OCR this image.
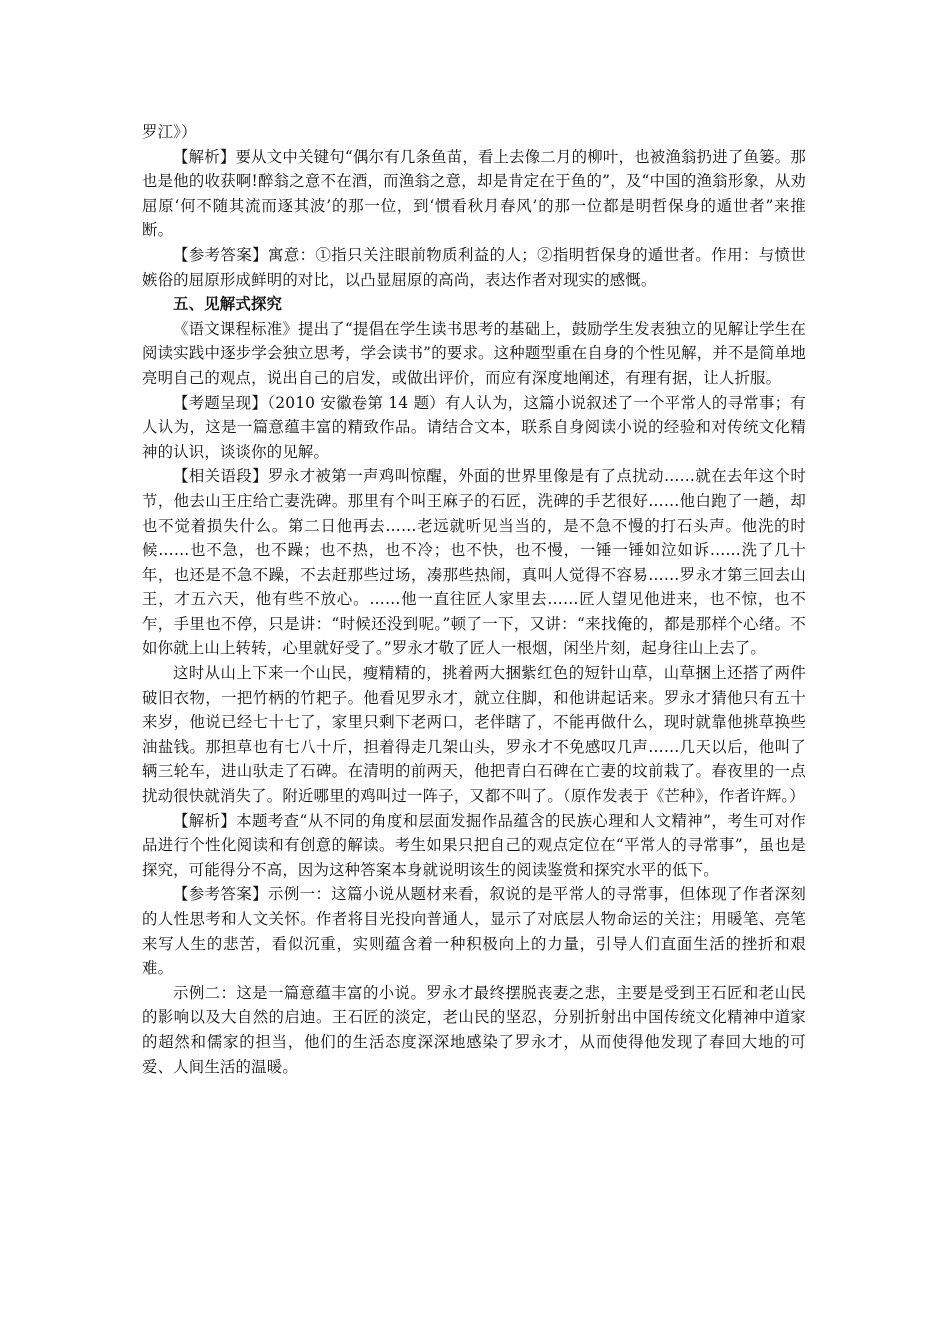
罗江》）

【解析】要从文中关键句“偶尔有几条鱼苗，看上去像二月的柳叶，也被渔翁扔进了鱼篓。那也是他的收获啊!醉翁之意不在酒，而渔翁之意，却是肯定在于鱼的”，及“中国的渔翁形象，从劝屈原‘何不随其流而逐其波’的那一位，到‘惯看秋月春风’的那一位都是明哲保身的遁世者”来推断。

【参考答案】寓意：①指只关注眼前物质利益的人；②指明哲保身的遁世者。作用：与愤世嫉俗的屈原形成鲜明的对比，以凸显屈原的高尚，表达作者对现实的感慨。

五、见解式探究

《语文课程标准》提出了“提倡在学生读书思考的基础上，鼓励学生发表独立的见解让学生在阅读实践中逐步学会独立思考，学会读书”的要求。这种题型重在自身的个性见解，并不是简单地亮明自己的观点，说出自己的启发，或做出评价，而应有深度地阐述，有理有据，让人折服。

【考题呈现】（2010 安徽卷第 14 题）有人认为，这篇小说叙述了一个平常人的寻常事；有人认为，这是一篇意蕴丰富的精致作品。请结合文本，联系自身阅读小说的经验和对传统文化精神的认识，谈谈你的见解。

【相关语段】罗永才被第一声鸡叫惊醒，外面的世界里像是有了点扰动……就在去年这个时节，他去山王庄给亡妻洗碑。那里有个叫王麻子的石匠，洗碑的手艺很好……他白跑了一趟，却也不觉着损失什么。第二日他再去……老远就听见当当的，是不急不慢的打石头声。他洗的时候……也不急，也不躁；也不热，也不冷；也不快，也不慢，一锤一锤如泣如诉……洗了几十年，也还是不急不躁，不去赶那些过场，凑那些热闹，真叫人觉得不容易……罗永才第三回去山王，才五六天，他有些不放心。……他一直往匠人家里去……匠人望见他进来，也不惊，也不乍，手里也不停，只是讲：“时候还没到呢。”顿了一下，又讲：“来找俺的，都是那样个心绪。不如你就上山上转转，心里就好受了。”罗永才敬了匠人一根烟，闲坐片刻，起身往山上去了。

这时从山上下来一个山民，瘦精精的，挑着两大捆紫红色的短针山草，山草捆上还搭了两件破旧衣物，一把竹柄的竹耙子。他看见罗永才，就立住脚，和他讲起话来。罗永才猜他只有五十来岁，他说已经七十七了，家里只剩下老两口，老伴瞎了，不能再做什么，现时就靠他挑草换些油盐钱。那担草也有七八十斤，担着得走几架山头，罗永才不免感叹几声……几天以后，他叫了辆三轮车，进山驮走了石碑。在清明的前两天，他把青白石碑在亡妻的坟前栽了。春夜里的一点扰动很快就消失了。附近哪里的鸡叫过一阵子，又都不叫了。（原作发表于《芒种》，作者许辉。）

【解析】本题考查“从不同的角度和层面发掘作品蕴含的民族心理和人文精神”，考生可对作品进行个性化阅读和有创意的解读。考生如果只把自己的观点定位在“平常人的寻常事”，虽也是探究，可能得分不高，因为这种答案本身就说明该生的阅读鉴赏和探究水平的低下。

【参考答案】示例一：这篇小说从题材来看，叙说的是平常人的寻常事，但体现了作者深刻的人性思考和人文关怀。作者将目光投向普通人，显示了对底层人物命运的关注；用暖笔、亮笔来写人生的悲苦，看似沉重，实则蕴含着一种积极向上的力量，引导人们直面生活的挫折和艰难。

示例二：这是一篇意蕴丰富的小说。罗永才最终摆脱丧妻之悲，主要是受到王石匠和老山民的影响以及大自然的启迪。王石匠的淡定，老山民的坚忍，分别折射出中国传统文化精神中道家的超然和儒家的担当，他们的生活态度深深地感染了罗永才，从而使得他发现了春回大地的可爱、人间生活的温暖。
